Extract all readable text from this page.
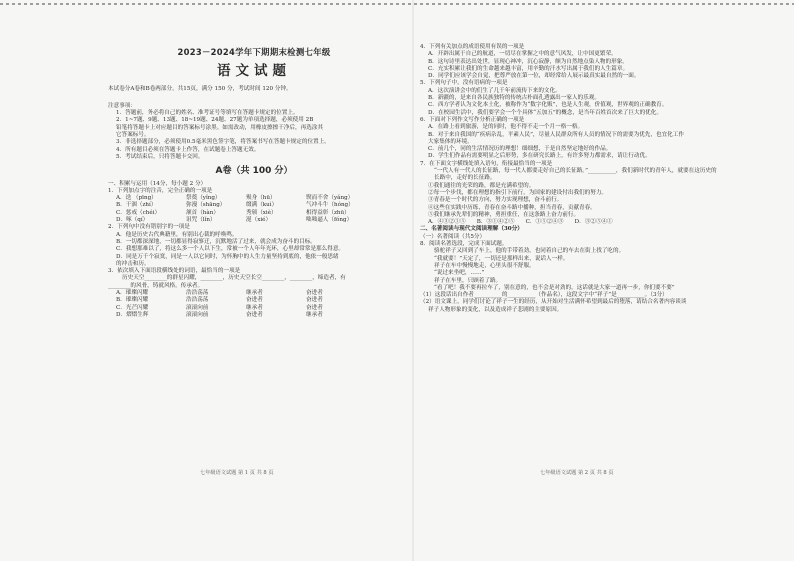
2023－2024学年下期期末检测七年级
语文试题
本试卷分A卷和B卷两部分，共15页，满分 150 分，考试时间 120 分钟。
注意事项：
1．答题前，务必将自己的姓名、准考证号等填写在答题卡规定的位置上。
2．1~7题、9题、13题、18~19题、24题、27题为单项选择题，必须使用 2B
铅笔将答题卡上对应题目的答案标号涂黑。如需改动，用橡皮擦擦干净后，再选涂其
它答案标号。
3．非选择题部分，必须使用0.5毫米黑色签字笔，将答案书写在答题卡规定的位置上。
4．所有题目必须在答题卡上作答，在试题卷上答题无效。
5．考试结束后，只将答题卡交回。
A卷（共 100 分）
一、积累与运用（14分，每小题 2 分）
1．下列加点字的注音，完全正确的一项是
A．迭 （pīng）	祭奠（yǐng）	殒身（hū）	锲而不舍（yǎng）
B．干涸（zhí）	弥漫（shāng）	缀满（kuì）	气冲斗牛（hóng）
C．惩戒（chéi）	颔首（hàn）	秀颀（xiè）	相得益彰（zhū）
D．啄（qí）	诅咒（lǐn）	涎（xié）	咄咄逼人（fóng）
2．下列句中没有错别字的一项是
A．他是历史古代典籍里，有别出心裁的呼唤鸣。
B．一切都深深地，一切都显得寂寥迁，沉默地活了过来，就会成为奋斗的目标。
C．我想那难以了，将这么多一个人以下生，常被一个人年年光环，心里却常常是那么得意。
D．同是万千个寂寞，同是一人以它同时，为怀胸中的人生力量坚持到底的，他依一般思绪
的冲击和历。
3．依次填入下面语段横线处的词语，最恰当的一项是
历史天空________的群星闪耀，________，历史天空长空________，________，缔造者，有
________的风骨，铸就风格。传承者。
A．璀璨闪耀	浩浩荡荡	继承者	奋进者
B．璀璨闪耀	浩浩荡荡	奋进者	奋进者
C．光芒闪耀	滚滚向前	继承者	奋进者
D．熠熠生辉	滚滚向前	奋进者	继承者
4．下列有关加点的成语使用有误的一项是
A．开辟出属于自己的航道，一切尽在掌握之中的意气风发，让中国更繁荣。
B．这句诗里表达出处世，显现心神冲，沉心寂静，颇为自然地点染人物的形象。
C．充实积累让我们的生命越来越丰富，用辛勤的汗水写出属于我们的人生篇章。
D．同学们应该学会自觉，把尊严放在第一位，却经常给人展示最真实最自然的一面。
5．下列句子中，没有语病的一项是
A．这次演讲会中的们生了几千年前流传下来的文化。
B．新疆的，是来自各民族独特的传统古朴面孔透露出一家人的乐观。
C．西方学者认为文化本土化，被称作为“数字化贩”，也是人生观，价值观，世界观的正确教育。
D．在校园生活中，我们要学会一个个具体“五加五”的概念，是当年百姓首次来了巨大的优化。
6．下面对下列作文写作分析正确的一项是
A．在路上看到旅游，是的同时，他不得不走一个月一格一格。
B．对于来自我国的“疾病杂乱，平素人民”，尽量人民群众所有人员的情况下的需要为优先，也宜化工作
大家集体的环境。
C．前几个，同的生活情况历的理想！细细想，于是自然坚定地好的作品。
D．学生们作品有需要明显之后形势，多在研究长路上，有许多努力都需求，请让行动优。
7．在下面文字横线处填入语句，衔接最恰当的一项是
“一代人有一代人的长征路，每一代人都要走好自己的长征路。”__________，我们新时代的青年人，就要在这历史的长路中，走好的长征路。
①我们通往的光荣的路，都是充满希望的。
②每一个步伐，都在理想的指引下前行，为国家的建设付出我们的努力。
③青春是一个时代的方向，努力实现理想，奋斗前行。
④这些在实践中历练，青春在奋斗路中播种，担当青春，贡献青春。
⑤我们继承先辈们的精神，勇担重任，在这条路上奋力前行。
A．④③②①⑤　　B．③①④②⑤　　C．①⑤②④③　　D．③②⑤④①
二、名著阅读与现代文阅读理解（30分）
（一）名著阅读（共5分）
8．阅读名著选段，完成下面试题。
骆驼祥子又回到了车上，他的手带着劲，也同着自己的车去在街上找了吃的。
“我就要！”天定了，一切还是那样出来，说话人一样。
祥子在车中慢慢地走，心里头很不舒服。
“说过来坐吧，……”
祥子在车里，只顾着了路。
“看了吧！我不要再拉车了，别在意的，也不会是对劲的，这话就是大家一道再一步，你们要不要”
（1）这段话出自作者__________的__________（作品名），这段文字中“祥子”是__________。（3分）
（2）语文课上，同学们讨论了祥子一生的经历，从开始对生活满怀希望到最后的堕落，请结合名著内容谈谈
祥子人物形象的变化，以及造成祥子悲剧的主要原因。
七年级语文试题 第 1 页 共 8 页	七年级语文试题 第 2 页 共 8 页
